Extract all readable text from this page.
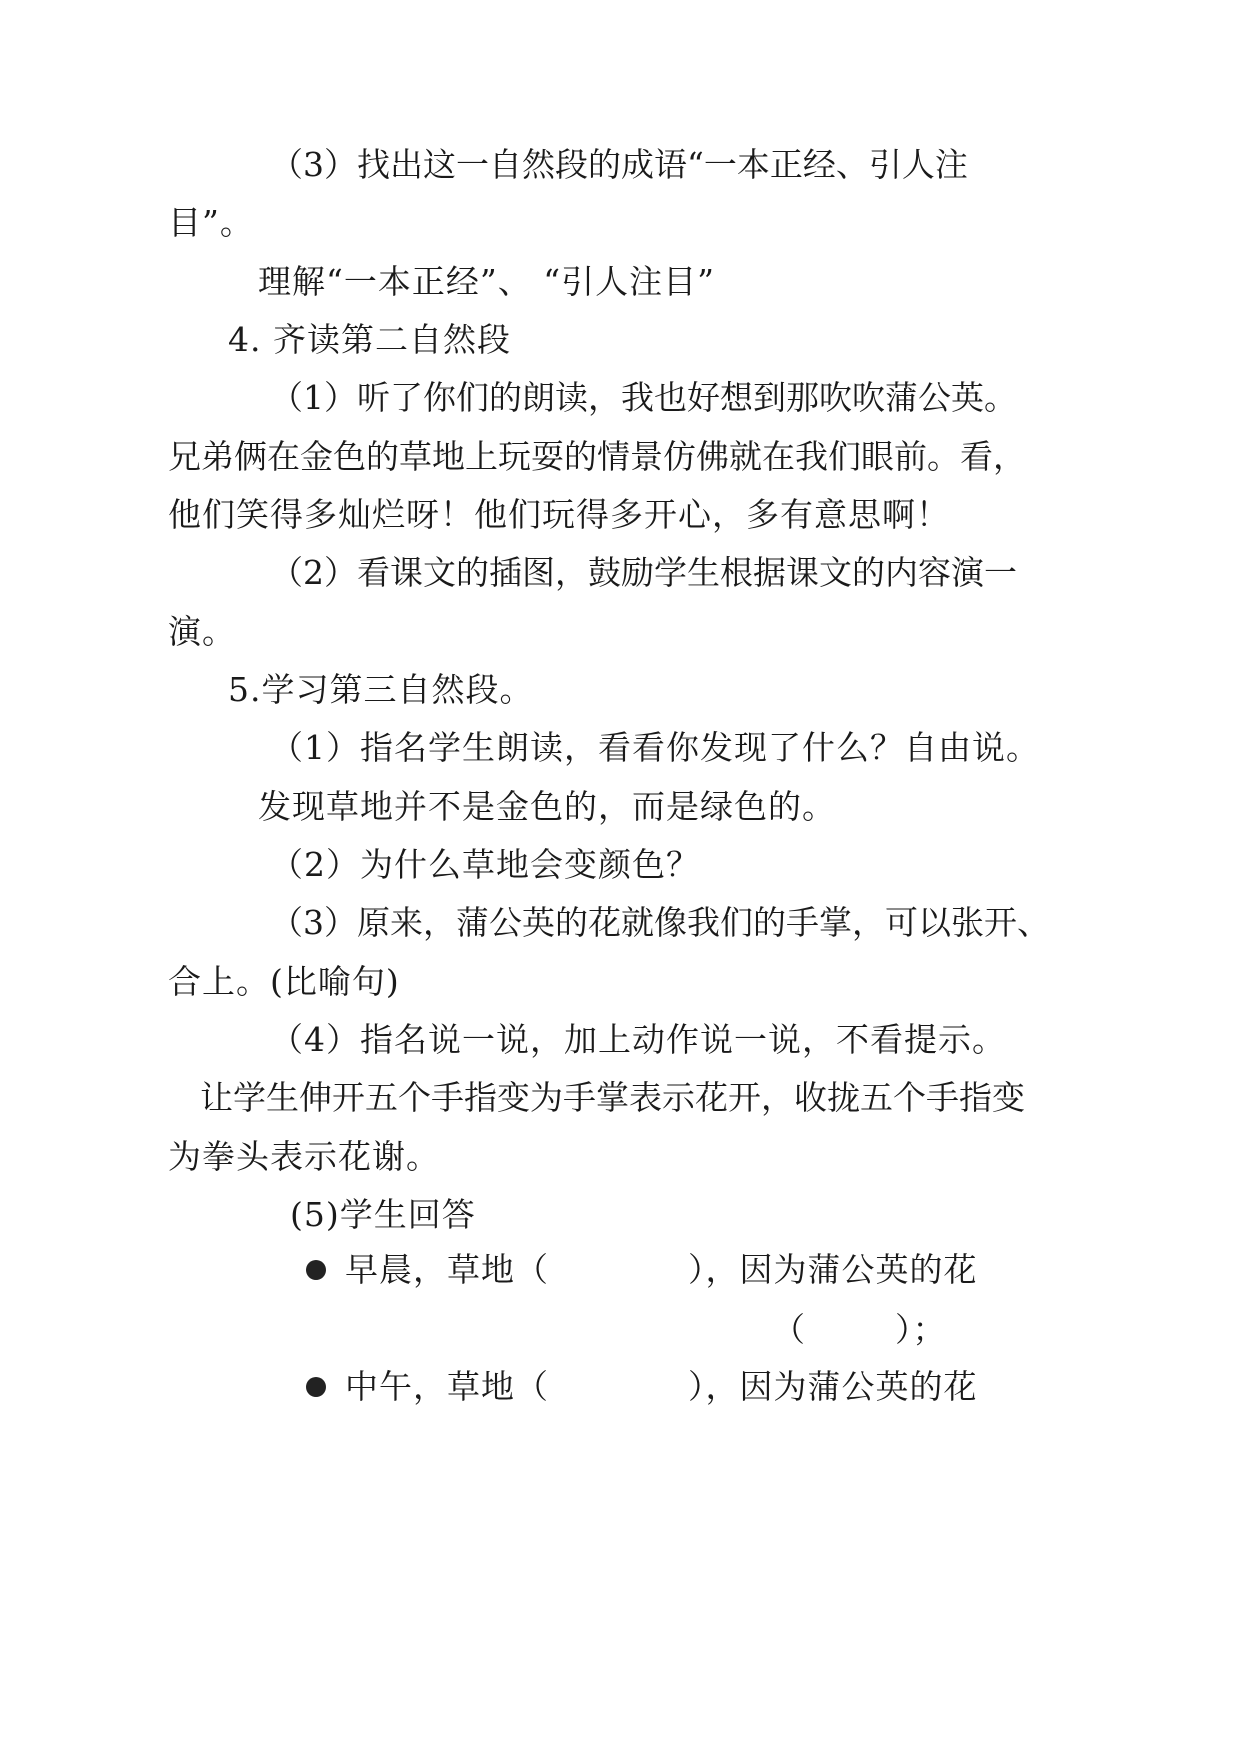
（ 3 ） 找 出 这 一 自 然 段 的 成 语 “ 一 本 正 经 、 引 人 注
目”。
理解“一本正经”、 “引人注目”
4. 齐读第二自然段
（ 1 ） 听 了 你 们 的 朗 读 ， 我 也 好 想 到 那 吹 吹 蒲 公 英 。
兄 弟 俩 在 金 色 的 草 地 上 玩 耍 的 情 景 仿 佛 就 在 我 们 眼 前 。 看 ，
他们笑得多灿烂呀！他们玩得多开心，多有意思啊！
（ 2 ） 看 课 文 的 插 图 ， 鼓 励 学 生 根 据 课 文 的 内 容 演 一
演。
5.学习第三自然段。
（1）指名学生朗读，看看你发现了什么？自由说。
发现草地并不是金色的，而是绿色的。
（2）为什么草地会变颜色？
（ 3 ） 原 来 ， 蒲 公 英 的 花 就 像 我 们 的 手 掌 ， 可 以 张 开 、
合上。(比喻句)
（4）指名说一说，加上动作说一说，不看提示。
让 学 生 伸 开 五 个 手 指 变 为 手 掌 表 示 花 开 ， 收 拢 五 个 手 指 变
为拳头表示花谢。
(5)学生回答
早晨，草地（	），因为蒲公英的花
（	）；
中午，草地（	），因为蒲公英的花
